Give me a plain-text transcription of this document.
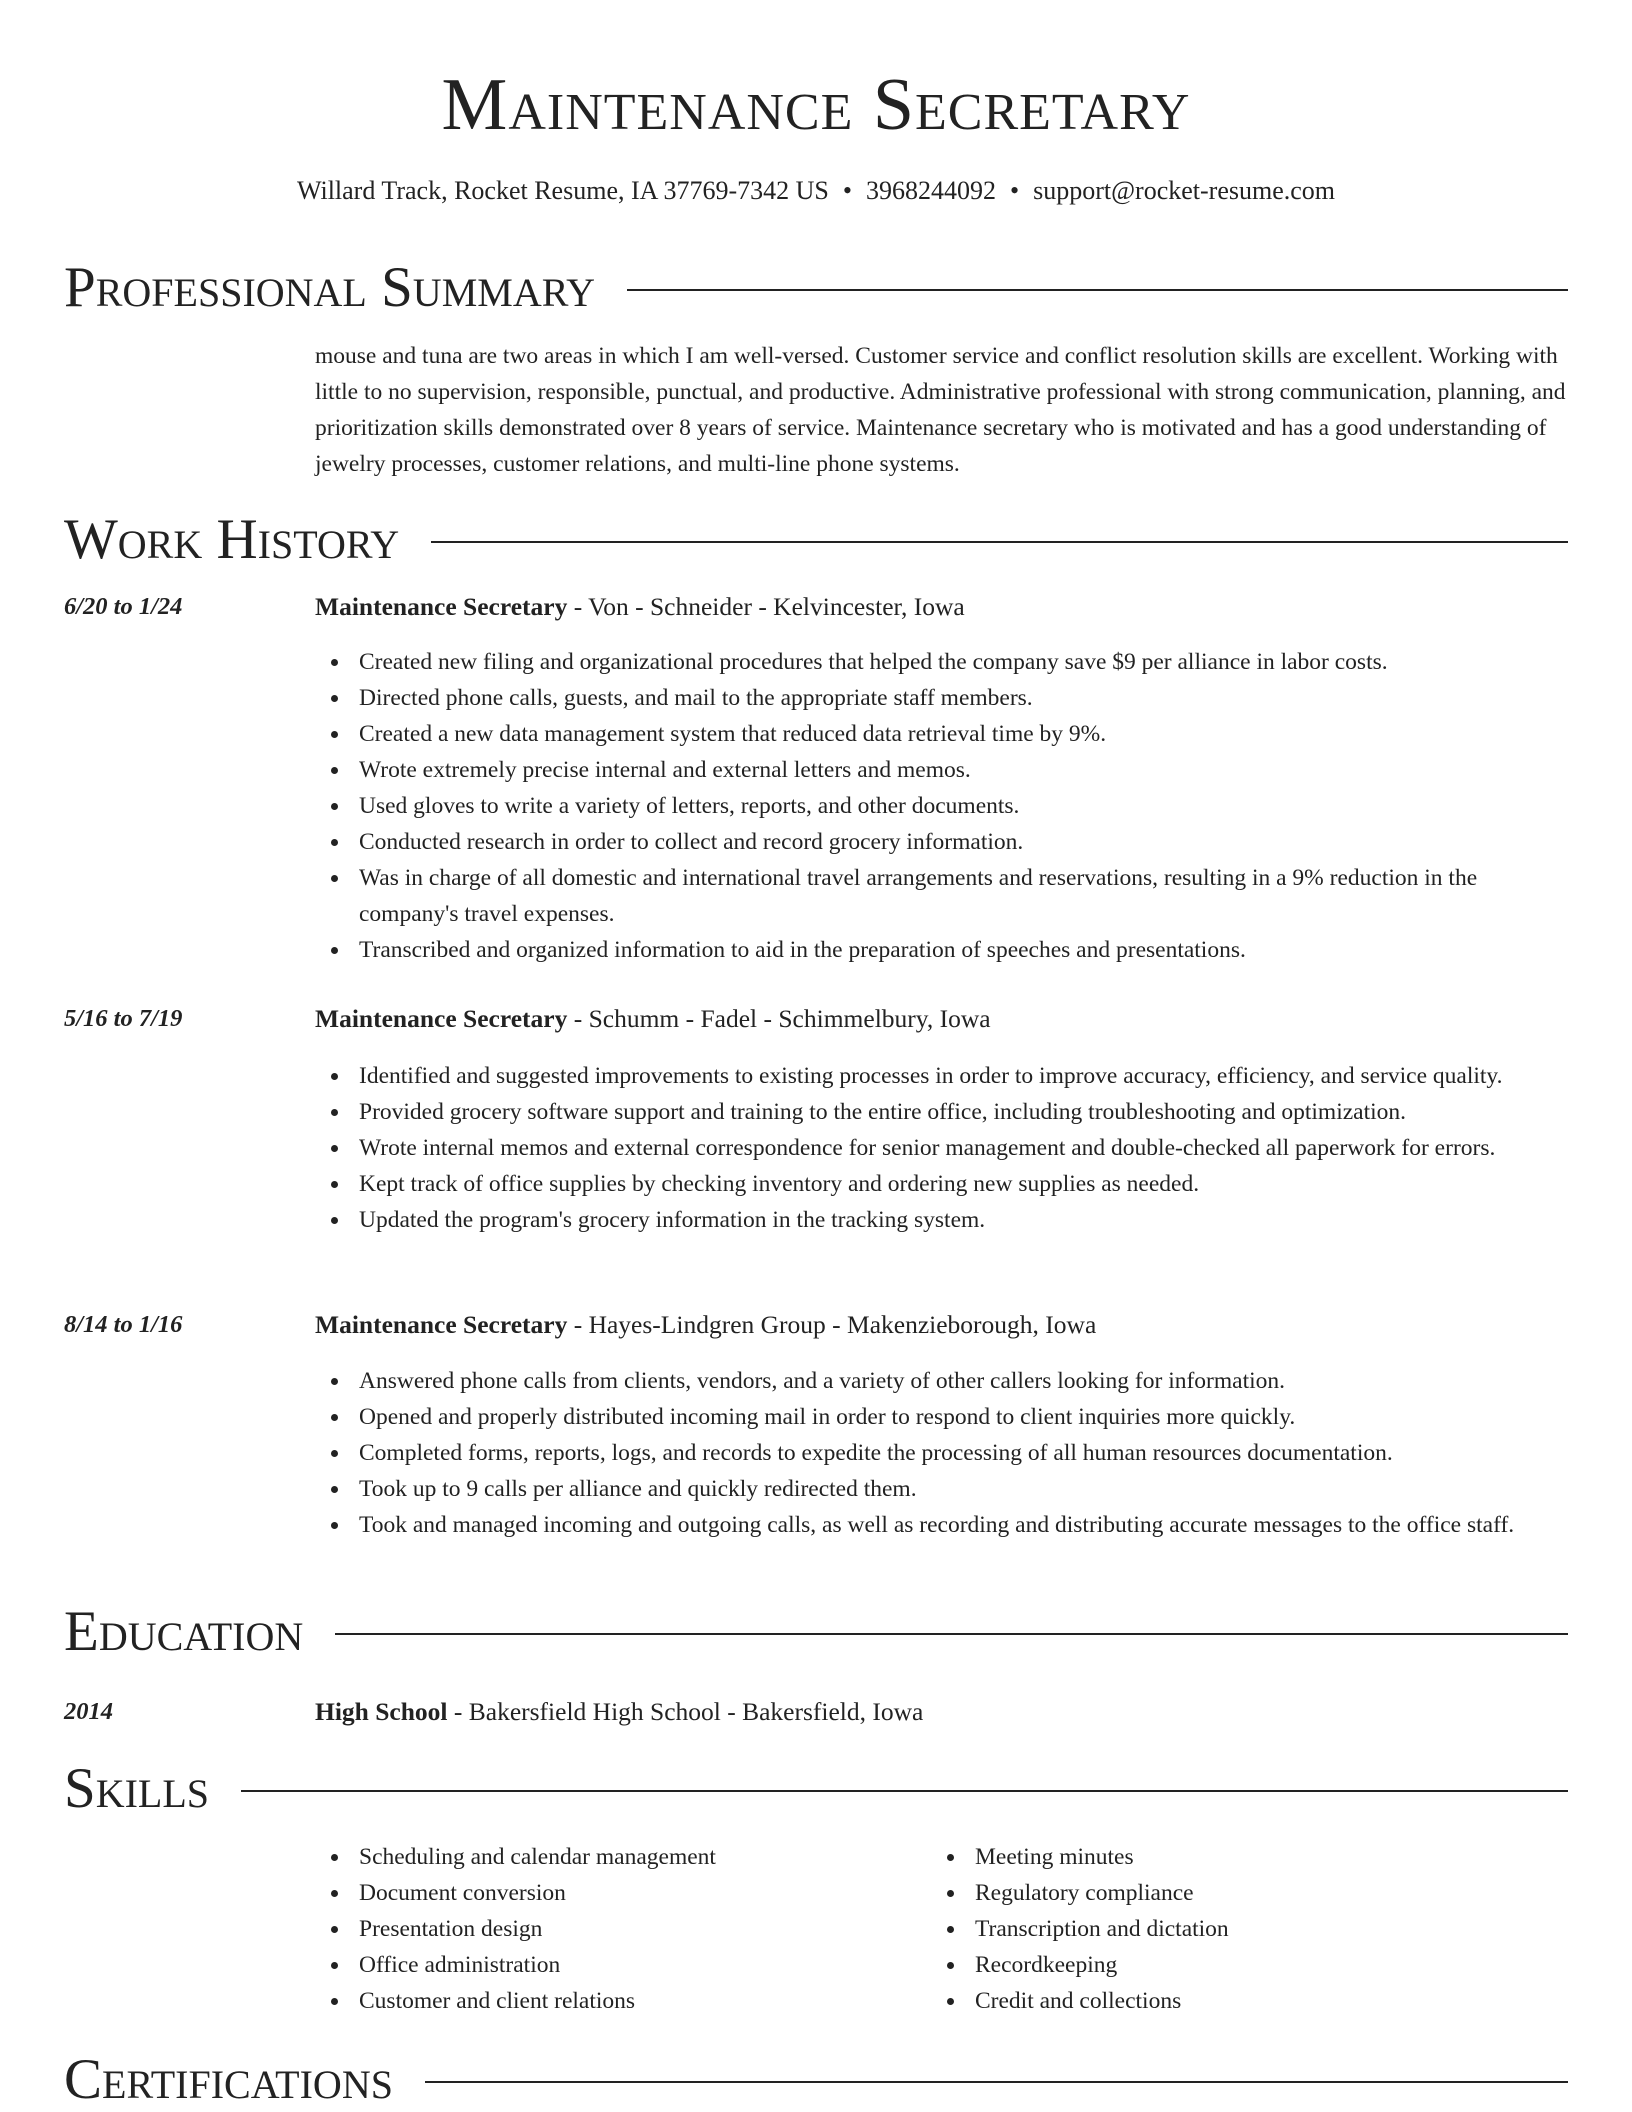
Maintenance Secretary
Willard Track, Rocket Resume, IA 37769-7342 US • 3968244092 • support@rocket-resume.com
Professional Summary
mouse and tuna are two areas in which I am well-versed. Customer service and conflict resolution skills are excellent. Working with little to no supervision, responsible, punctual, and productive. Administrative professional with strong communication, planning, and prioritization skills demonstrated over 8 years of service. Maintenance secretary who is motivated and has a good understanding of jewelry processes, customer relations, and multi-line phone systems.
Work History
6/20 to 1/24	Maintenance Secretary - Von - Schneider - Kelvincester, Iowa
Created new filing and organizational procedures that helped the company save $9 per alliance in labor costs.
Directed phone calls, guests, and mail to the appropriate staff members.
Created a new data management system that reduced data retrieval time by 9%.
Wrote extremely precise internal and external letters and memos.
Used gloves to write a variety of letters, reports, and other documents.
Conducted research in order to collect and record grocery information.
Was in charge of all domestic and international travel arrangements and reservations, resulting in a 9% reduction in the company's travel expenses.
Transcribed and organized information to aid in the preparation of speeches and presentations.
5/16 to 7/19	Maintenance Secretary - Schumm - Fadel - Schimmelbury, Iowa
Identified and suggested improvements to existing processes in order to improve accuracy, efficiency, and service quality.
Provided grocery software support and training to the entire office, including troubleshooting and optimization.
Wrote internal memos and external correspondence for senior management and double-checked all paperwork for errors.
Kept track of office supplies by checking inventory and ordering new supplies as needed.
Updated the program's grocery information in the tracking system.
8/14 to 1/16	Maintenance Secretary - Hayes-Lindgren Group - Makenzieborough, Iowa
Answered phone calls from clients, vendors, and a variety of other callers looking for information.
Opened and properly distributed incoming mail in order to respond to client inquiries more quickly.
Completed forms, reports, logs, and records to expedite the processing of all human resources documentation.
Took up to 9 calls per alliance and quickly redirected them.
Took and managed incoming and outgoing calls, as well as recording and distributing accurate messages to the office staff.
Education
2014	High School - Bakersfield High School - Bakersfield, Iowa
Skills
Scheduling and calendar management
Document conversion
Presentation design
Office administration
Customer and client relations
Meeting minutes
Regulatory compliance
Transcription and dictation
Recordkeeping
Credit and collections
Certifications
